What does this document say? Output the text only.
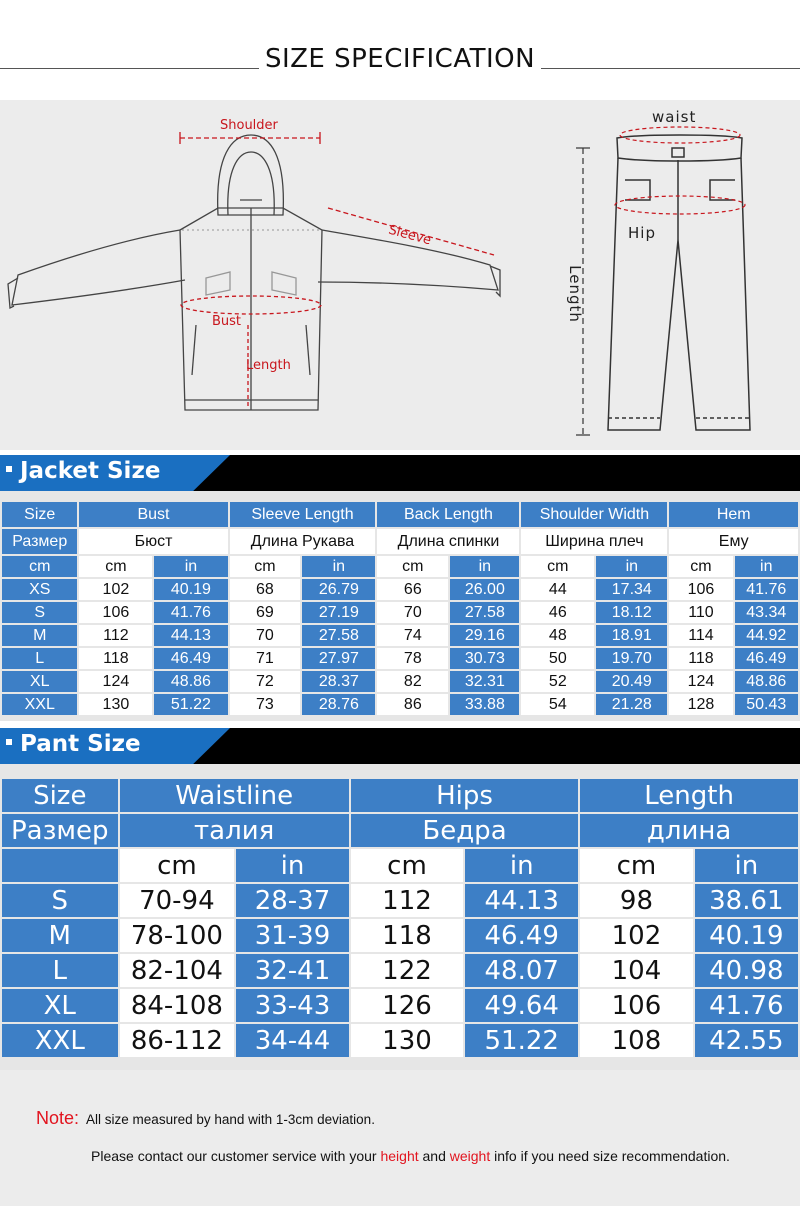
SIZE SPECIFICATION
Shoulder
Sleeve
Bust
Length
waist
Hip
Length
Jacket Size
Size	Bust		Sleeve Length		Back Length		Shoulder Width		Hem	
Размер	Бюст		Длина Рукава		Длина спинки		Ширина плеч		Ему	
cm	cm	in	cm	in	cm	in	cm	in	cm	in
XS	102	40.19	68	26.79	66	26.00	44	17.34	106	41.76
S	106	41.76	69	27.19	70	27.58	46	18.12	110	43.34
M	112	44.13	70	27.58	74	29.16	48	18.91	114	44.92
L	118	46.49	71	27.97	78	30.73	50	19.70	118	46.49
XL	124	48.86	72	28.37	82	32.31	52	20.49	124	48.86
XXL	130	51.22	73	28.76	86	33.88	54	21.28	128	50.43
Pant Size
Size	Waistline		Hips		Length	
Размер	талия		Бедра		длина	
	cm	in	cm	in	cm	in
S	70-94	28-37	112	44.13	98	38.61
M	78-100	31-39	118	46.49	102	40.19
L	82-104	32-41	122	48.07	104	40.98
XL	84-108	33-43	126	49.64	106	41.76
XXL	86-112	34-44	130	51.22	108	42.55
Note: All size measured by hand with 1-3cm deviation.
Please contact our customer service with your height and weight info if you need size recommendation.
